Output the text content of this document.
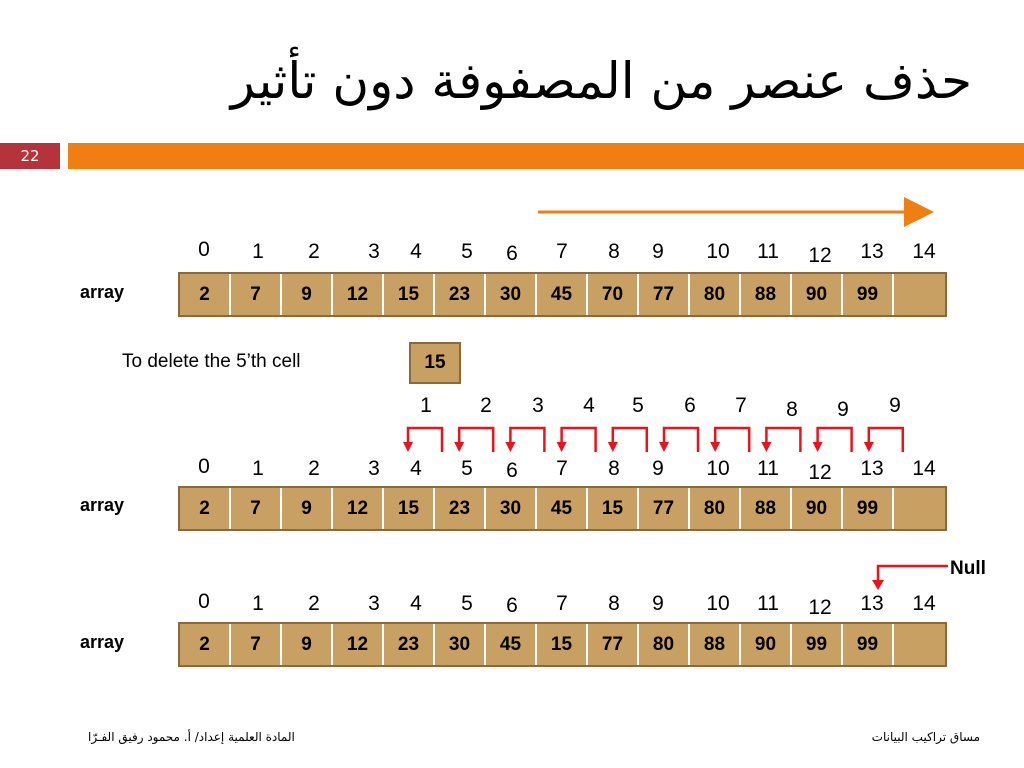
حذف عنصر من المصفوفة دون تأثير
22
0 1 2 3 4 5 6 7 8 9 10 11 12 13 14
array	2	7	9	12	15	23	30	45	70	77	80	88	90	99
To delete the 5’th cell	15
1 2 3 4 5 6 7 8 9 9
0 1 2 3 4 5 6 7 8 9 10 11 12 13 14
array	2	7	9	12	15	23	30	45	15	77	80	88	90	99
Null
0 1 2 3 4 5 6 7 8 9 10 11 12 13 14
array	2	7	9	12	23	30	45	15	77	80	88	90	99	99
المادة العلمية إعداد/ أ. محمود رفيق الفـرّا	مساق تراكيب البيانات
